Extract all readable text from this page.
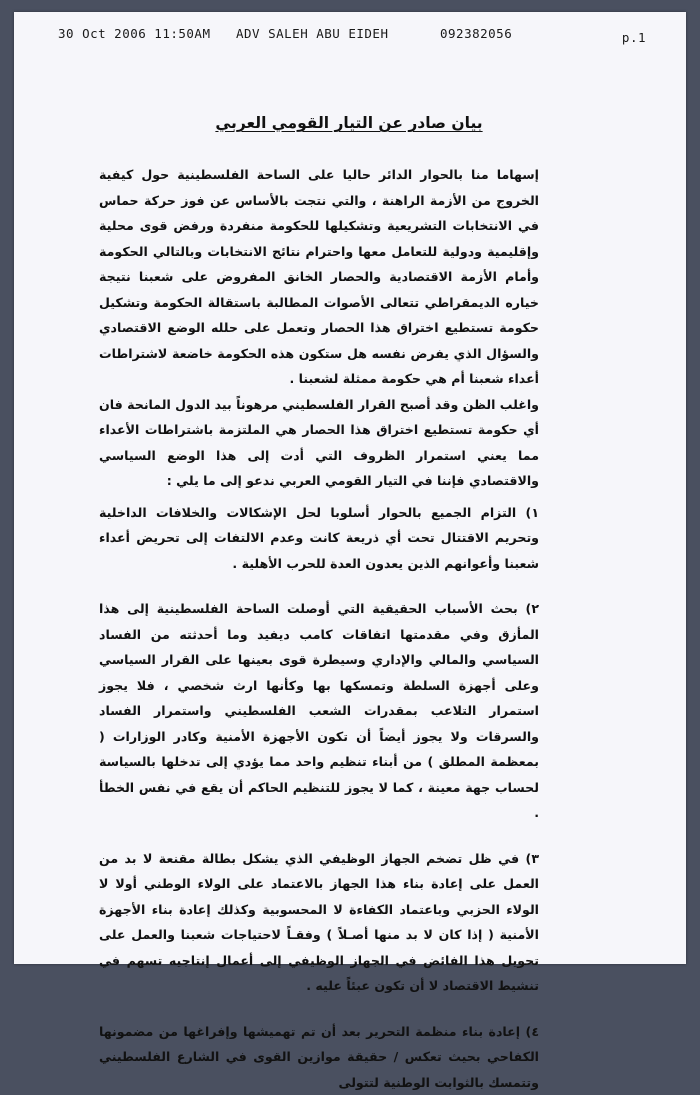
30 Oct 2006 11:50AM ADV SALEH ABU EIDEH	092382056	p.1
بيان صادر عن التيار القومي العربي

إسهاما منا بالحوار الدائر حاليا على الساحة الفلسطينية حول كيفية الخروج من الأزمة الراهنة ، والتي نتجت بالأساس عن فوز حركة حماس في الانتخابات التشريعية وتشكيلها للحكومة منفردة ورفض قوى محلية وإقليمية ودولية للتعامل معها واحترام نتائج الانتخابات وبالتالي الحكومة وأمام الأزمة الاقتصادية والحصار الخانق المفروض على شعبنا نتيجة خياره الديمقراطي تتعالى الأصوات المطالبة باستقالة الحكومة وتشكيل حكومة تستطيع اختراق هذا الحصار وتعمل على حلله الوضع الاقتصادي والسؤال الذي يفرض نفسه هل ستكون هذه الحكومة خاضعة لاشتراطات أعداء شعبنا أم هي حكومة ممثلة لشعبنا .

واغلب الظن وقد أصبح القرار الفلسطيني مرهوناً بيد الدول المانحة فان أي حكومة تستطيع اختراق هذا الحصار هي الملتزمة باشتراطات الأعداء مما يعني استمرار الظروف التي أدت إلى هذا الوضع السياسي والاقتصادي فإننا في التيار القومي العربي ندعو إلى ما يلي :

١) التزام الجميع بالحوار أسلوبا لحل الإشكالات والخلافات الداخلية وتحريم الاقتتال تحت أي ذريعة كانت وعدم الالتفات إلى تحريض أعداء شعبنا وأعوانهم الذين يعدون العدة للحرب الأهلية .
٢) بحث الأسباب الحقيقية التي أوصلت الساحة الفلسطينية إلى هذا المأزق وفي مقدمتها اتفاقات كامب ديفيد وما أحدثته من الفساد السياسي والمالي والإداري وسيطرة قوى بعينها على القرار السياسي وعلى أجهزة السلطة وتمسكها بها وكأنها ارث شخصي ، فلا يجوز استمرار التلاعب بمقدرات الشعب الفلسطيني واستمرار الفساد والسرقات ولا يجوز أيضاً أن تكون الأجهزة الأمنية وكادر الوزارات ( بمعظمة المطلق ) من أبناء تنظيم واحد مما يؤدي إلى تدخلها بالسياسة لحساب جهة معينة ، كما لا يجوز للتنظيم الحاكم أن يقع في نفس الخطأ .
٣) في ظل تضخم الجهاز الوظيفي الذي يشكل بطالة مقنعة لا بد من العمل على إعادة بناء هذا الجهاز بالاعتماد على الولاء الوطني أولا لا الولاء الحزبي وباعتماد الكفاءة لا المحسوبية وكذلك إعادة بناء الأجهزة الأمنية ( إذا كان لا بد منها أصـلاً ) وفقـاً لاحتياجات شعبنا والعمل على تحويل هذا الفائض في الجهاز الوظيفي إلى أعمال إنتاجيه تسهم في تنشيط الاقتصاد لا أن تكون عبئاً عليه .
٤) إعادة بناء منظمة التحرير بعد أن تم تهميشها وإفراغها من مضمونها الكفاحي بحيث تعكس / حقيقة موازين القوى في الشارع الفلسطيني وتتمسك بالثوابت الوطنية لتتولى
